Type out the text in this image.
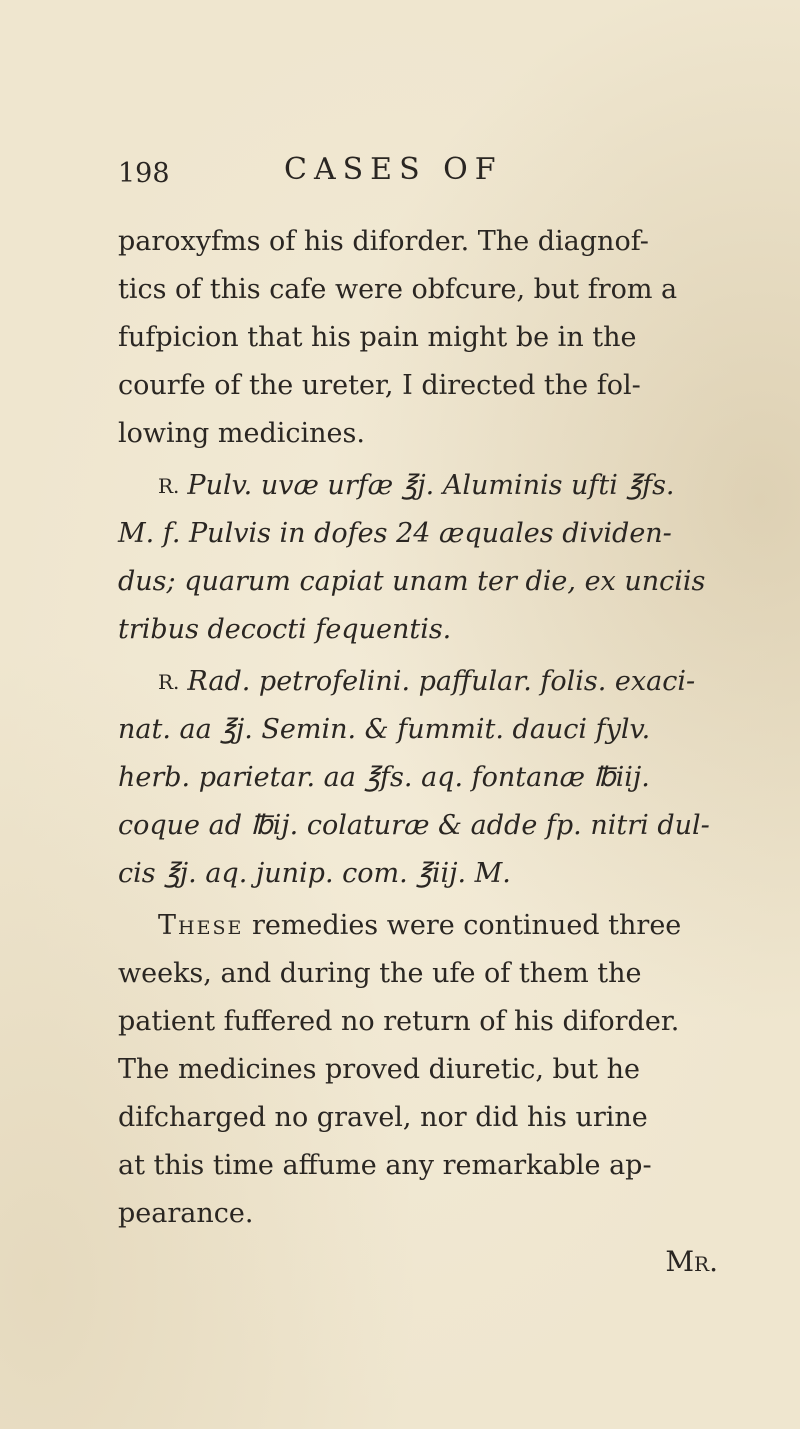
198	CASES OF
paroxyfms of his diforder. The diagnof-
tics of this cafe were obfcure, but from a
fufpicion that his pain might be in the
courfe of the ureter, I directed the fol-
lowing medicines.
R. Pulv. uvæ urfæ ℥j. Aluminis ufti ℥fs.
M. f. Pulvis in dofes 24 æquales dividen-
dus; quarum capiat unam ter die, ex unciis
tribus decocti fequentis.
R. Rad. petrofelini. paffular. folis. exaci-
nat. aa ℥j. Semin. & fummit. dauci fylv.
herb. parietar. aa ℥fs. aq. fontanæ ℔iij.
coque ad ℔ij. colaturæ & adde fp. nitri dul-
cis ℥j. aq. junip. com. ℥iij. M.
These
remedies were continued three
weeks, and during the ufe of them the
patient fuffered no return of his diforder.
The medicines proved diuretic, but he
difcharged no gravel, nor did his urine
at this time affume any remarkable ap-
pearance.
Mr.
